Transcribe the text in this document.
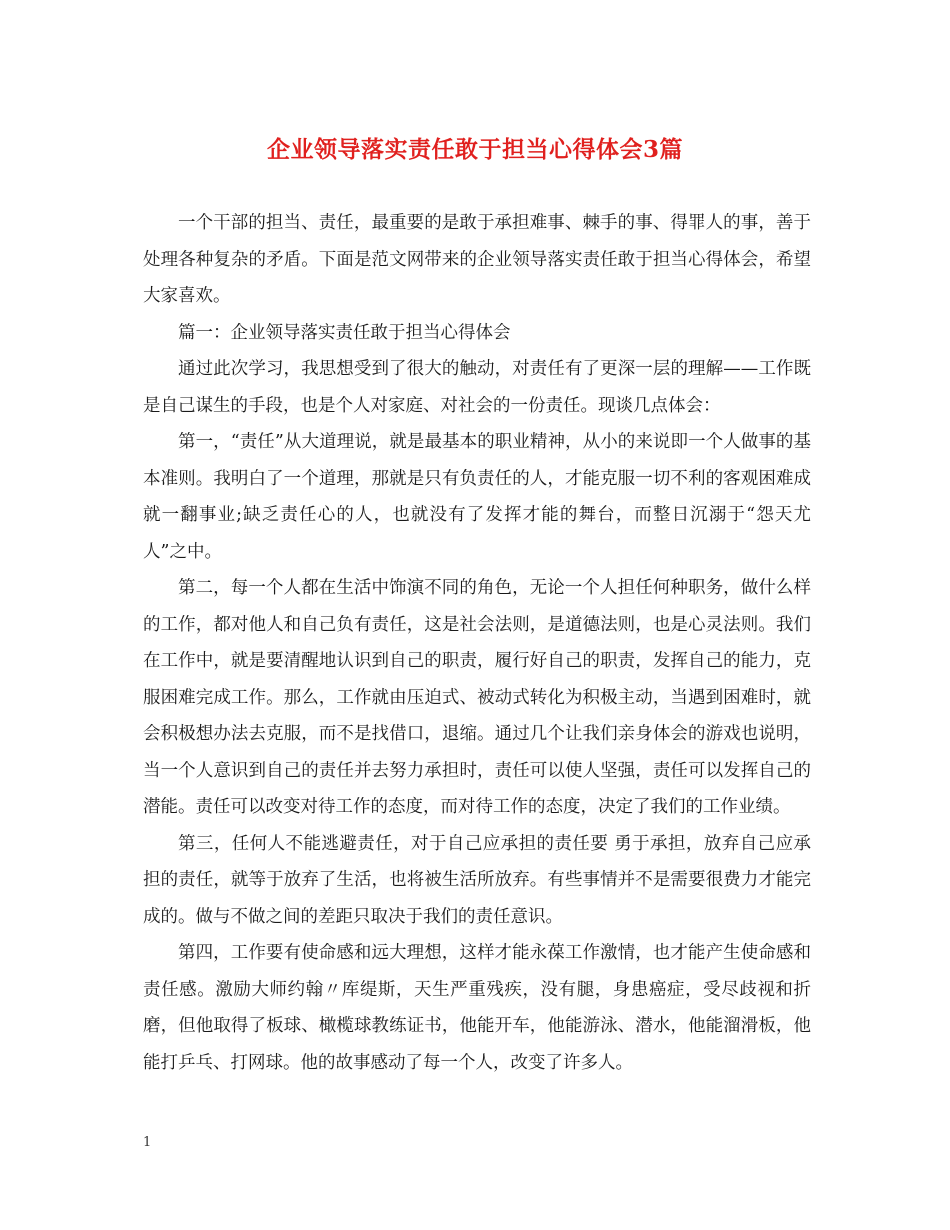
企业领导落实责任敢于担当心得体会3篇

一个干部的担当、责任，最重要的是敢于承担难事、棘手的事、得罪人的事，善于处理各种复杂的矛盾。下面是范文网带来的企业领导落实责任敢于担当心得体会，希望大家喜欢。

篇一：企业领导落实责任敢于担当心得体会

通过此次学习，我思想受到了很大的触动，对责任有了更深一层的理解——工作既是自己谋生的手段，也是个人对家庭、对社会的一份责任。现谈几点体会：

第一，“责任”从大道理说，就是最基本的职业精神，从小的来说即一个人做事的基本准则。我明白了一个道理，那就是只有负责任的人，才能克服一切不利的客观困难成就一翻事业;缺乏责任心的人，也就没有了发挥才能的舞台，而整日沉溺于“怨天尤人”之中。

第二，每一个人都在生活中饰演不同的角色，无论一个人担任何种职务，做什么样的工作，都对他人和自己负有责任，这是社会法则，是道德法则，也是心灵法则。我们在工作中，就是要清醒地认识到自己的职责，履行好自己的职责，发挥自己的能力，克服困难完成工作。那么，工作就由压迫式、被动式转化为积极主动，当遇到困难时，就会积极想办法去克服，而不是找借口，退缩。通过几个让我们亲身体会的游戏也说明，当一个人意识到自己的责任并去努力承担时，责任可以使人坚强，责任可以发挥自己的潜能。责任可以改变对待工作的态度，而对待工作的态度，决定了我们的工作业绩。

第三，任何人不能逃避责任，对于自己应承担的责任要 勇于承担，放弃自己应承担的责任，就等于放弃了生活，也将被生活所放弃。有些事情并不是需要很费力才能完成的。做与不做之间的差距只取决于我们的责任意识。

第四，工作要有使命感和远大理想，这样才能永葆工作激情，也才能产生使命感和责任感。激励大师约翰〃库缇斯，天生严重残疾，没有腿，身患癌症，受尽歧视和折磨，但他取得了板球、橄榄球教练证书，他能开车，他能游泳、潜水，他能溜滑板，他能打乒乓、打网球。他的故事感动了每一个人，改变了许多人。

1
